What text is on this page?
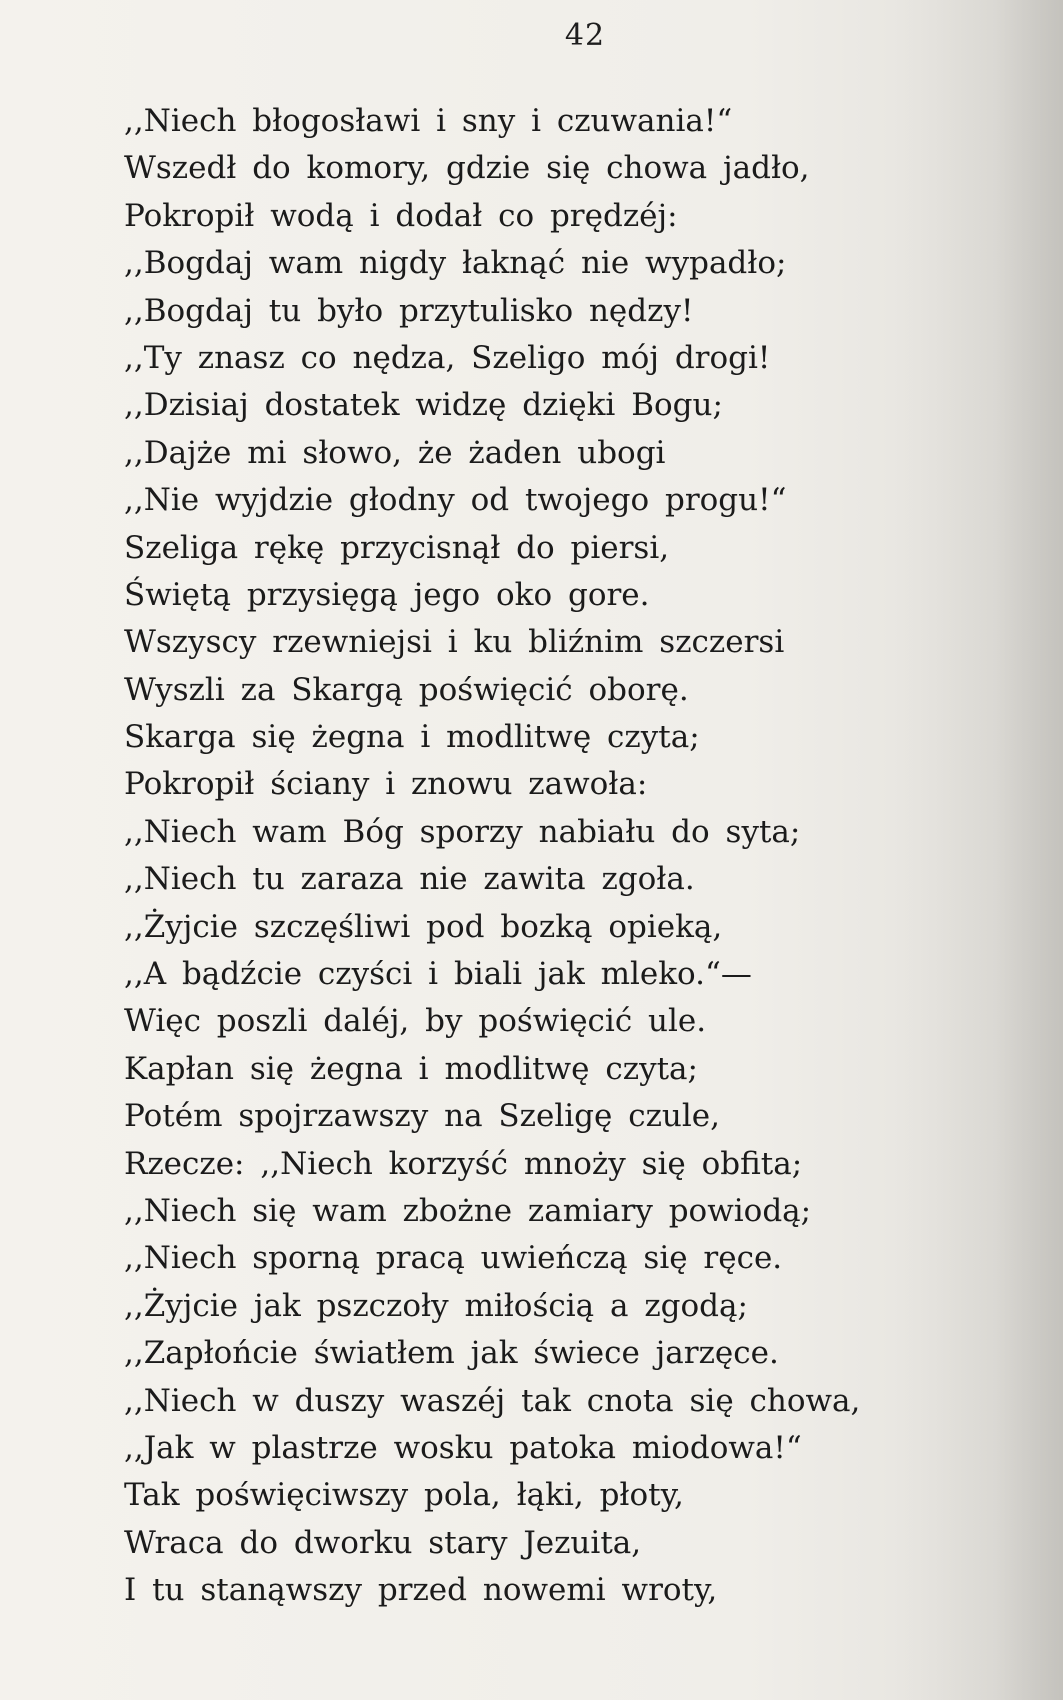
42
,,Niech błogosławi i sny i czuwania!“
Wszedł do komory, gdzie się chowa jadło,
Pokropił wodą i dodał co prędzéj:
,,Bogdaj wam nigdy łaknąć nie wypadło;
,,Bogdaj tu było przytulisko nędzy!
,,Ty znasz co nędza, Szeligo mój drogi!
,,Dzisiaj dostatek widzę dzięki Bogu;
,,Dajże mi słowo, że żaden ubogi
,,Nie wyjdzie głodny od twojego progu!“
Szeliga rękę przycisnął do piersi,
Świętą przysięgą jego oko gore.
Wszyscy rzewniejsi i ku bliźnim szczersi
Wyszli za Skargą poświęcić oborę.
Skarga się żegna i modlitwę czyta;
Pokropił ściany i znowu zawoła:
,,Niech wam Bóg sporzy nabiału do syta;
,,Niech tu zaraza nie zawita zgoła.
,,Żyjcie szczęśliwi pod bozką opieką,
,,A bądźcie czyści i biali jak mleko.“—
Więc poszli daléj, by poświęcić ule.
Kapłan się żegna i modlitwę czyta;
Potém spojrzawszy na Szeligę czule,
Rzecze: ,,Niech korzyść mnoży się obfita;
,,Niech się wam zbożne zamiary powiodą;
,,Niech sporną pracą uwieńczą się ręce.
,,Żyjcie jak pszczoły miłością a zgodą;
,,Zapłońcie światłem jak świece jarzęce.
,,Niech w duszy waszéj tak cnota się chowa,
,,Jak w plastrze wosku patoka miodowa!“
Tak poświęciwszy pola, łąki, płoty,
Wraca do dworku stary Jezuita,
I tu stanąwszy przed nowemi wroty,
